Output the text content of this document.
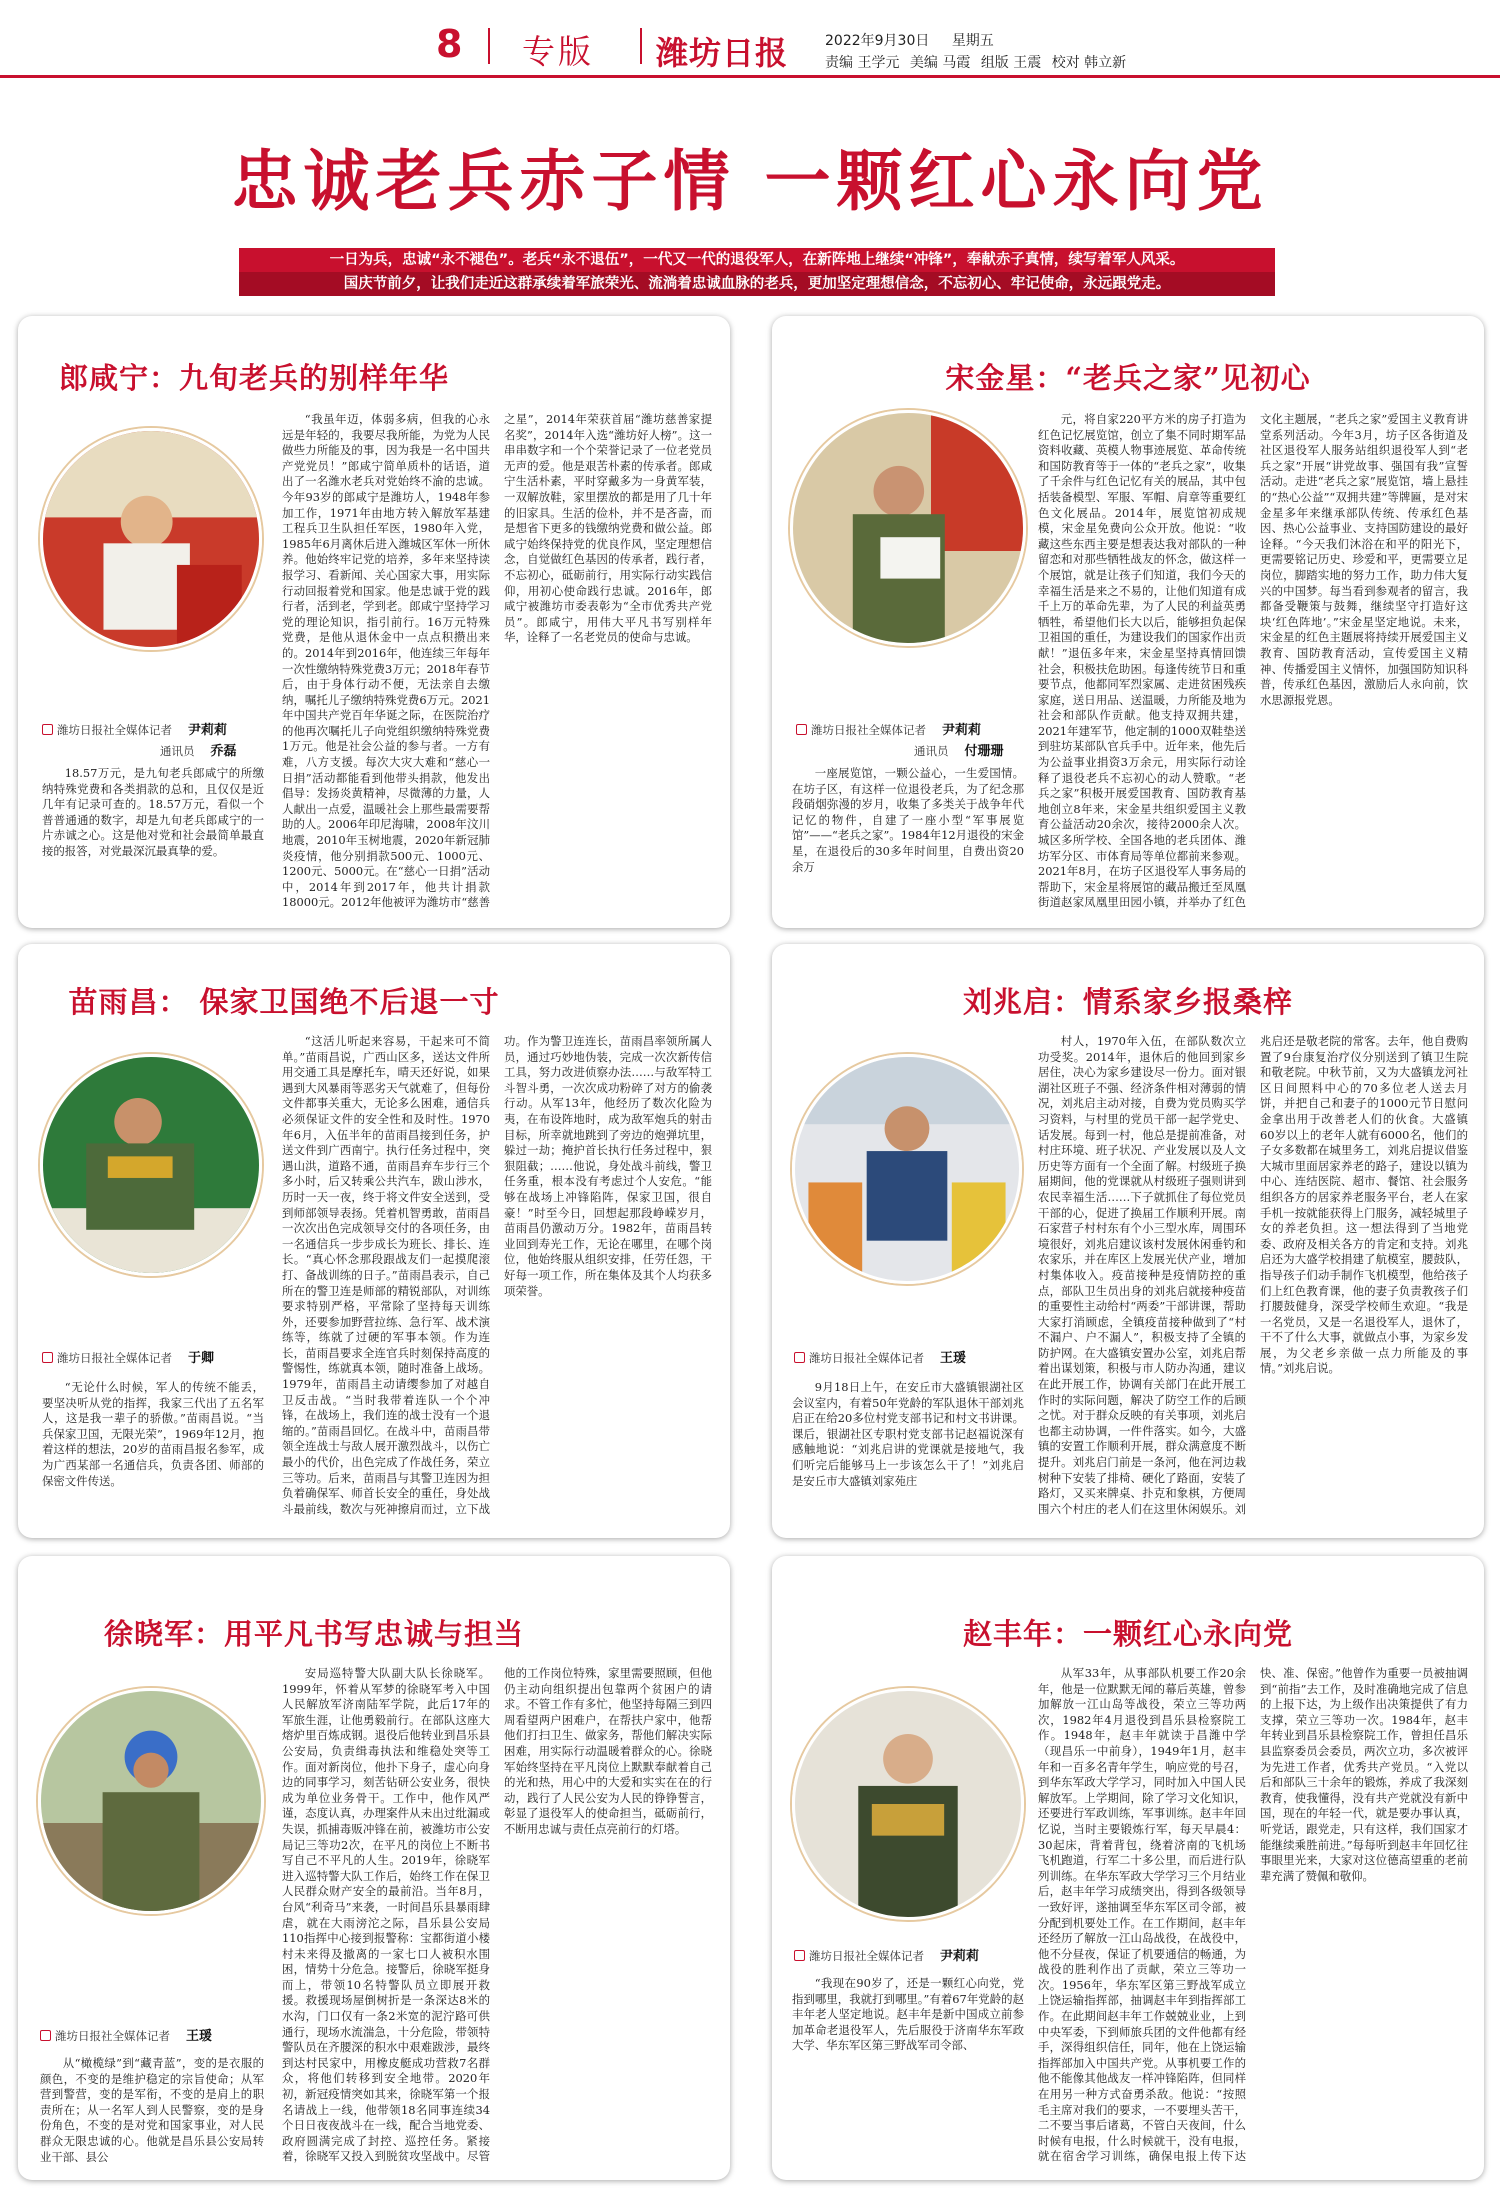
8 专版 潍坊日报	2022年9月30日 星期五
责编 王学元 美编 马霞 组版 王震 校对 韩立新
忠诚老兵赤子情 一颗红心永向党
一日为兵，忠诚“永不褪色”。老兵“永不退伍”，一代又一代的退役军人，在新阵地上继续“冲锋”，奉献赤子真情，续写着军人风采。
国庆节前夕，让我们走近这群承续着军旅荣光、流淌着忠诚血脉的老兵，更加坚定理想信念，不忘初心、牢记使命，永远跟党走。
郎咸宁：九旬老兵的别样年华
潍坊日报社全媒体记者 尹莉莉
通讯员 乔磊
18.57万元，是九旬老兵郎咸宁的所缴纳特殊党费和各类捐款的总和，且仅仅是近几年有记录可查的。18.57万元，看似一个普普通通的数字，却是九旬老兵郎咸宁的一片赤诚之心。这是他对党和社会最简单最直接的报答，对党最深沉最真挚的爱。
“我虽年迈，体弱多病，但我的心永远是年轻的，我要尽我所能，为党为人民做些力所能及的事，因为我是一名中国共产党党员！”郎咸宁简单质朴的话语，道出了一名潍水老兵对党始终不渝的忠诚。今年93岁的郎咸宁是潍坊人，1948年参加工作，1971年由地方转入解放军基建工程兵卫生队担任军医，1980年入党，1985年6月离休后进入潍城区军休一所休养。他始终牢记党的培养，多年来坚持读报学习、看新闻、关心国家大事，用实际行动回报着党和国家。他是忠诚于党的践行者，活到老，学到老。郎咸宁坚持学习党的理论知识，指引前行。16万元特殊党费，是他从退休金中一点点积攒出来的。2014年到2016年，他连续三年每年一次性缴纳特殊党费3万元；2018年春节后，由于身体行动不便，无法亲自去缴纳，嘱托儿子缴纳特殊党费6万元。2021年中国共产党百年华诞之际，在医院治疗的他再次嘱托儿子向党组织缴纳特殊党费1万元。他是社会公益的参与者。一方有难，八方支援。每次大灾大难和“慈心一日捐”活动都能看到他带头捐款，他发出倡导：发扬炎黄精神，尽微薄的力量，人人献出一点爱，温暖社会上那些最需要帮助的人。2006年印尼海啸，2008年汶川地震，2010年玉树地震，2020年新冠肺炎疫情，他分别捐款500元、1000元、1200元、5000元。在“慈心一日捐”活动中，2014年到2017年，他共计捐款18000元。2012年他被评为潍坊市“慈善之星”，2014年荣获首届“潍坊慈善家提名奖”，2014年入选“潍坊好人榜”。这一串串数字和一个个荣誉记录了一位老党员无声的爱。他是艰苦朴素的传承者。郎咸宁生活朴素，平时穿戴多为一身黄军装，一双解放鞋，家里摆放的都是用了几十年的旧家具。生活的俭朴，并不是吝啬，而是想省下更多的钱缴纳党费和做公益。郎咸宁始终保持党的优良作风，坚定理想信念，自觉做红色基因的传承者，践行者，不忘初心，砥砺前行，用实际行动实践信仰，用初心使命践行忠诚。2016年，郎咸宁被潍坊市委表彰为“全市优秀共产党员”。郎咸宁，用伟大平凡书写别样年华，诠释了一名老党员的使命与忠诚。
宋金星：“老兵之家”见初心
潍坊日报社全媒体记者 尹莉莉
通讯员 付珊珊
一座展览馆，一颗公益心，一生爱国情。在坊子区，有这样一位退役老兵，为了纪念那段硝烟弥漫的岁月，收集了多类关于战争年代记忆的物件，自建了一座小型“军事展览馆”——“老兵之家”。1984年12月退役的宋金星，在退役后的30多年时间里，自费出资20余万
元，将自家220平方米的房子打造为红色记忆展览馆，创立了集不同时期军品资料收藏、英模人物事迹展览、革命传统和国防教育等于一体的“老兵之家”，收集了千余件与红色记忆有关的展品，其中包括装备模型、军服、军帽、肩章等重要红色文化展品。2014年，展览馆初成规模，宋金星免费向公众开放。他说：“收藏这些东西主要是想表达我对部队的一种留恋和对那些牺牲战友的怀念，做这样一个展馆，就是让孩子们知道，我们今天的幸福生活是来之不易的，让他们知道有成千上万的革命先辈，为了人民的利益英勇牺牲，希望他们长大以后，能够担负起保卫祖国的重任，为建设我们的国家作出贡献！”退伍多年来，宋金星坚持真情回馈社会，积极扶危助困。每逢传统节日和重要节点，他都同军烈家属、走进贫困残疾家庭，送日用品、送温暖，力所能及地为社会和部队作贡献。他支持双拥共建，2021年建军节，他定制的1000双鞋垫送到驻坊某部队官兵手中。近年来，他先后为公益事业捐资3万余元，用实际行动诠释了退役老兵不忘初心的动人赞歌。“老兵之家”积极开展爱国教育、国防教育基地创立8年来，宋金星共组织爱国主义教育公益活动20余次，接待2000余人次。城区多所学校、全国各地的老兵团体、潍坊军分区、市体育局等单位都前来参观。2021年8月，在坊子区退役军人事务局的帮助下，宋金星将展馆的藏品搬迁至凤凰街道赵家凤凰里田园小镇，并举办了红色文化主题展，“老兵之家”爱国主义教育讲堂系列活动。今年3月，坊子区各街道及社区退役军人服务站组织退役军人到“老兵之家”开展“讲党故事、强国有我”宣誓活动。走进“老兵之家”展览馆，墙上悬挂的“热心公益”“双拥共建”等牌匾，是对宋金星多年来继承部队传统、传承红色基因、热心公益事业、支持国防建设的最好诠释。“今天我们沐浴在和平的阳光下，更需要铭记历史、珍爱和平，更需要立足岗位，脚踏实地的努力工作，助力伟大复兴的中国梦。每当看到参观者的留言，我都备受鞭策与鼓舞，继续坚守打造好这块‘红色阵地’。”宋金星坚定地说。未来，宋金星的红色主题展将持续开展爱国主义教育、国防教育活动，宣传爱国主义精神、传播爱国主义情怀，加强国防知识科普，传承红色基因，激励后人永向前，饮水思源报党恩。
苗雨昌： 保家卫国绝不后退一寸
潍坊日报社全媒体记者 于卿
“无论什么时候，军人的传统不能丢，要坚决听从党的指挥，我家三代出了五名军人，这是我一辈子的骄傲。”苗雨昌说。“当兵保家卫国，无限光荣”，1969年12月，抱着这样的想法，20岁的苗雨昌报名参军，成为广西某部一名通信兵，负责各团、师部的保密文件传送。
“这活儿听起来容易，干起来可不简单。”苗雨昌说，广西山区多，送达文件所用交通工具是摩托车，晴天还好说，如果遇到大风暴雨等恶劣天气就难了，但每份文件都事关重大，无论多么困难，通信兵必须保证文件的安全性和及时性。1970年6月，入伍半年的苗雨昌接到任务，护送文件到广西南宁。执行任务过程中，突遇山洪，道路不通，苗雨昌弃车步行三个多小时，后又转乘公共汽车，跋山涉水，历时一天一夜，终于将文件安全送到，受到师部领导表扬。凭着机智勇敢，苗雨昌一次次出色完成领导交付的各项任务，由一名通信兵一步步成长为班长、排长、连长。“真心怀念那段跟战友们一起摸爬滚打、备战训练的日子。”苗雨昌表示，自己所在的警卫连是师部的精锐部队，对训练要求特别严格，平常除了坚持每天训练外，还要参加野营拉练、急行军、战术演练等，练就了过硬的军事本领。作为连长，苗雨昌要求全连官兵时刻保持高度的警惕性，练就真本领，随时准备上战场。1979年，苗雨昌主动请缨参加了对越自卫反击战。“当时我带着连队一个个冲锋，在战场上，我们连的战士没有一个退缩的。”苗雨昌回忆。在战斗中，苗雨昌带领全连战士与敌人展开激烈战斗，以伤亡最小的代价，出色完成了作战任务，荣立三等功。后来，苗雨昌与其警卫连因为担负着确保军、师首长安全的重任，身处战斗最前线，数次与死神擦肩而过，立下战功。作为警卫连连长，苗雨昌率领所属人员，通过巧妙地伪装，完成一次次新传信工具，努力改进侦察办法……与敌军特工斗智斗勇，一次次成功粉碎了对方的偷袭行动。从军13年，他经历了数次化险为夷，在布设阵地时，成为敌军炮兵的射击目标，所幸就地跳到了旁边的炮弹坑里，躲过一劫；掩护首长执行任务过程中，狠狠阻截；……他说，身处战斗前线，警卫任务重，根本没有考虑过个人安危。“能够在战场上冲锋陷阵，保家卫国，很自豪！”时至今日，回想起那段峥嵘岁月，苗雨昌仍激动万分。1982年，苗雨昌转业回到寿光工作，无论在哪里，在哪个岗位，他始终服从组织安排，任劳任怨，干好每一项工作，所在集体及其个人均获多项荣誉。
刘兆启：情系家乡报桑梓
潍坊日报社全媒体记者 王瑗
9月18日上午，在安丘市大盛镇银湖社区会议室内，有着50年党龄的军队退休干部刘兆启正在给20多位村党支部书记和村文书讲课。课后，银湖社区专职村党支部书记赵福说深有感触地说：“刘兆启讲的党课就是接地气，我们听完后能够马上一步该怎么干了！”刘兆启是安丘市大盛镇刘家苑庄
村人，1970年入伍，在部队数次立功受奖。2014年，退休后的他回到家乡居住，决心为家乡建设尽一份力。面对银湖社区班子不强、经济条件相对薄弱的情况，刘兆启主动对接，自费为党员购买学习资料，与村里的党员干部一起学党史、话发展。每到一村，他总是提前准备，对村庄环境、班子状况、产业发展以及人文历史等方面有一个全面了解。村级班子换届期间，他的党课就从村级班子强则讲到农民幸福生活……下子就抓住了每位党员干部的心，促进了换届工作顺利开展。南石家营子村村东有个小三型水库，周围环境很好，刘兆启建议该村发展休闲垂钓和农家乐，并在库区上发展光伏产业，增加村集体收入。疫苗接种是疫情防控的重点，部队卫生员出身的刘兆启就接种疫苗的重要性主动给村“两委”干部讲课，帮助大家打消顾虑，全镇疫苗接种做到了“村不漏户、户不漏人”，积极支持了全镇的防护网。在大盛镇安置办公室，刘兆启帮着出谋划策，积极与市人防办沟通，建议在此开展工作，协调有关部门在此开展工作时的实际问题，解决了防空工作的后顾之忧。对于群众反映的有关事项，刘兆启也都主动协调，一件件落实。如今，大盛镇的安置工作顺利开展，群众满意度不断提升。刘兆启门前是一条河，他在河边栽树种下安装了排椅、硬化了路面，安装了路灯，又买来牌桌、扑克和象棋，方便周围六个村庄的老人们在这里休闲娱乐。刘兆启还是敬老院的常客。去年，他自费购置了9台康复治疗仪分别送到了镇卫生院和敬老院。中秋节前，又为大盛镇龙河社区日间照料中心的70多位老人送去月饼，并把自己和妻子的1000元节日慰问金拿出用于改善老人们的伙食。大盛镇60岁以上的老年人就有6000名，他们的子女多数都在城里务工，刘兆启提议借鉴大城市里面居家养老的路子，建设以镇为中心、连结医院、超市、餐馆、社会服务组织各方的居家养老服务平台，老人在家手机一按就能获得上门服务，减轻城里子女的养老负担。这一想法得到了当地党委、政府及相关各方的肯定和支持。刘兆启还为大盛学校捐建了航模室，腰鼓队，指导孩子们动手制作飞机模型，他给孩子们上红色教育课，他的妻子负责教孩子们打腰鼓健身，深受学校师生欢迎。“我是一名党员，又是一名退役军人，退休了，干不了什么大事，就做点小事，为家乡发展，为父老乡亲做一点力所能及的事情。”刘兆启说。
徐晓军：用平凡书写忠诚与担当
潍坊日报社全媒体记者 王瑗
从“橄榄绿”到“藏青蓝”，变的是衣服的颜色，不变的是维护稳定的宗旨使命；从军营到警营，变的是军衔，不变的是肩上的职责所在；从一名军人到人民警察，变的是身份角色，不变的是对党和国家事业，对人民群众无限忠诚的心。他就是昌乐县公安局转业干部、县公
安局巡特警大队副大队长徐晓军。1999年，怀着从军梦的徐晓军考入中国人民解放军济南陆军学院，此后17年的军旅生涯，让他勇毅前行。在部队这座大熔炉里百炼成钢。退役后他转业到昌乐县公安局，负责缉毒执法和维稳处突等工作。面对新岗位，他扑下身子，虚心向身边的同事学习，刻苦钻研公安业务，很快成为单位业务骨干。工作中，他作风严谨，态度认真，办理案件从未出过纰漏或失误，抓捕毒贩冲锋在前，被潍坊市公安局记三等功2次，在平凡的岗位上不断书写自己不平凡的人生。2019年，徐晓军进入巡特警大队工作后，始终工作在保卫人民群众财产安全的最前沿。当年8月，台风“利奇马”来袭，一时间昌乐县暴雨肆虐，就在大雨滂沱之际，昌乐县公安局110指挥中心接到报警称：宝都街道小楼村未来得及撤离的一家七口人被积水围困，情势十分危急。接警后，徐晓军挺身而上，带领10名特警队员立即展开救援。救援现场屋倒树折是一条深达8米的水沟，门口仅有一条2米宽的泥泞路可供通行，现场水流湍急，十分危险，带领特警队员在齐腰深的积水中艰难跋涉，最终到达村民家中，用橡皮艇成功营救7名群众，将他们转移到安全地带。2020年初，新冠疫情突如其来，徐晓军第一个报名请战上一线，他带领18名同事连续34个日日夜夜战斗在一线，配合当地党委、政府圆满完成了封控、巡控任务。紧接着，徐晓军又投入到脱贫攻坚战中。尽管他的工作岗位特殊，家里需要照顾，但他仍主动向组织提出包靠两个贫困户的请求。不管工作有多忙，他坚持每隔三到四周看望两户困难户，在帮扶户家中，他帮他们打扫卫生、做家务，帮他们解决实际困难，用实际行动温暖着群众的心。徐晓军始终坚持在平凡岗位上默默奉献着自己的光和热，用心中的大爱和实实在在的行动，践行了人民公安为人民的铮铮誓言，彰显了退役军人的使命担当，砥砺前行，不断用忠诚与责任点亮前行的灯塔。
赵丰年：一颗红心永向党
潍坊日报社全媒体记者 尹莉莉
“我现在90岁了，还是一颗红心向党，党指到哪里，我就打到哪里。”有着67年党龄的赵丰年老人坚定地说。赵丰年是新中国成立前参加革命老退役军人，先后服役于济南华东军政大学、华东军区第三野战军司令部、
从军33年，从事部队机要工作20余年，他是一位默默无闻的幕后英雄，曾参加解放一江山岛等战役，荣立三等功两次，1982年4月退役到昌乐县检察院工作。1948年，赵丰年就读于昌潍中学（现昌乐一中前身），1949年1月，赵丰年和一百多名青年学生，响应党的号召，到华东军政大学学习，同时加入中国人民解放军。上学期间，除了学习文化知识，还要进行军政训练，军事训练。赵丰年回忆说，当时主要锻炼行军，每天早晨4：30起床，背着背包，绕着济南的飞机场飞机跑道，行军二十多公里，而后进行队列训练。在华东军政大学学习三个月结业后，赵丰年学习成绩突出，得到各级领导一致好评，遂抽调至华东军区司令部，被分配到机要处工作。在工作期间，赵丰年还经历了解放一江山岛战役，在战役中，他不分昼夜，保证了机要通信的畅通，为战役的胜利作出了贡献，荣立三等功一次。1956年，华东军区第三野战军成立上饶运输指挥部，抽调赵丰年到指挥部工作。在此期间赵丰年工作兢兢业业，上到中央军委，下到师旅兵团的文件他都有经手，深得组织信任，同年，他在上饶运输指挥部加入中国共产党。从事机要工作的他不能像其他战友一样冲锋陷阵，但同样在用另一种方式奋勇杀敌。他说：“按照毛主席对我们的要求，一不要埋头苦干，二不要当事后诸葛，不管白天夜间，什么时候有电报，什么时候就干，没有电报，就在宿舍学习训练，确保电报上传下达快、准、保密。”他曾作为重要一员被抽调到“前指”去工作，及时准确地完成了信息的上报下达，为上级作出决策提供了有力支撑，荣立三等功一次。1984年，赵丰年转业到昌乐县检察院工作，曾担任昌乐县监察委员会委员，两次立功，多次被评为先进工作者，优秀共产党员。“入党以后和部队三十余年的锻炼，养成了我深刻教育，使我懂得，没有共产党就没有新中国，现在的年轻一代，就是要办事认真，听党话，跟党走，只有这样，我们国家才能继续乘胜前进。”每每听到赵丰年回忆往事眼里光来，大家对这位德高望重的老前辈充满了赞佩和敬仰。
